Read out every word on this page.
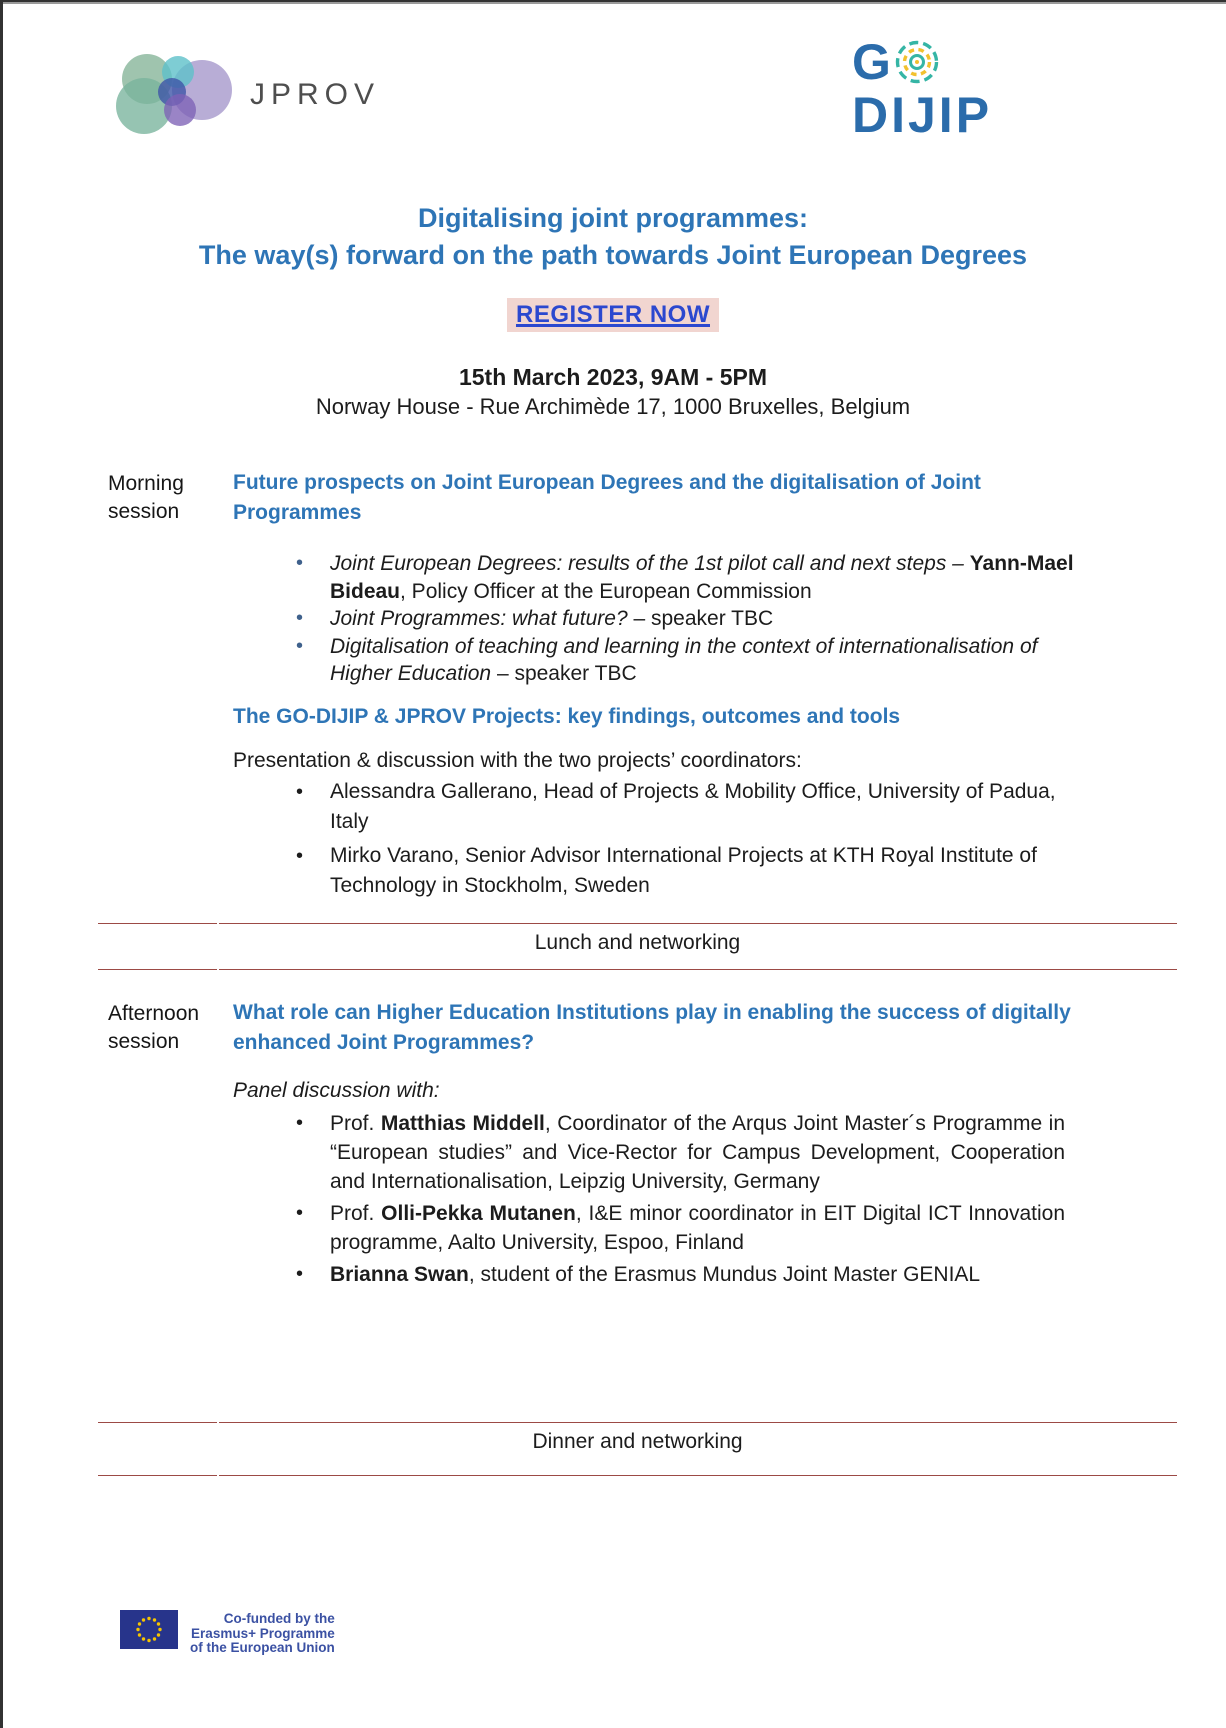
JPROV
G
DIJIP
Digitalising joint programmes:
The way(s) forward on the path towards Joint European Degrees
REGISTER NOW
15th March 2023, 9AM - 5PM
Norway House - Rue Archimède 17, 1000 Bruxelles, Belgium
Morning
session
Future prospects on Joint European Degrees and the digitalisation of Joint Programmes
• Joint European Degrees: results of the 1st pilot call and next steps – Yann-Mael Bideau, Policy Officer at the European Commission
• Joint Programmes: what future? – speaker TBC
• Digitalisation of teaching and learning in the context of internationalisation of Higher Education – speaker TBC
The GO-DIJIP & JPROV Projects: key findings, outcomes and tools

Presentation & discussion with the two projects’ coordinators:

• Alessandra Gallerano, Head of Projects & Mobility Office, University of Padua, Italy
• Mirko Varano, Senior Advisor International Projects at KTH Royal Institute of Technology in Stockholm, Sweden
Lunch and networking
Afternoon
session
What role can Higher Education Institutions play in enabling the success of digitally enhanced Joint Programmes?

Panel discussion with:

• Prof. Matthias Middell, Coordinator of the Arqus Joint Master´s Programme in “European studies” and Vice-Rector for Campus Development, Cooperation and Internationalisation, Leipzig University, Germany
• Prof. Olli-Pekka Mutanen, I&E minor coordinator in EIT Digital ICT Innovation programme, Aalto University, Espoo, Finland
• Brianna Swan, student of the Erasmus Mundus Joint Master GENIAL
Dinner and networking
Co-funded by the
Erasmus+ Programme
of the European Union
